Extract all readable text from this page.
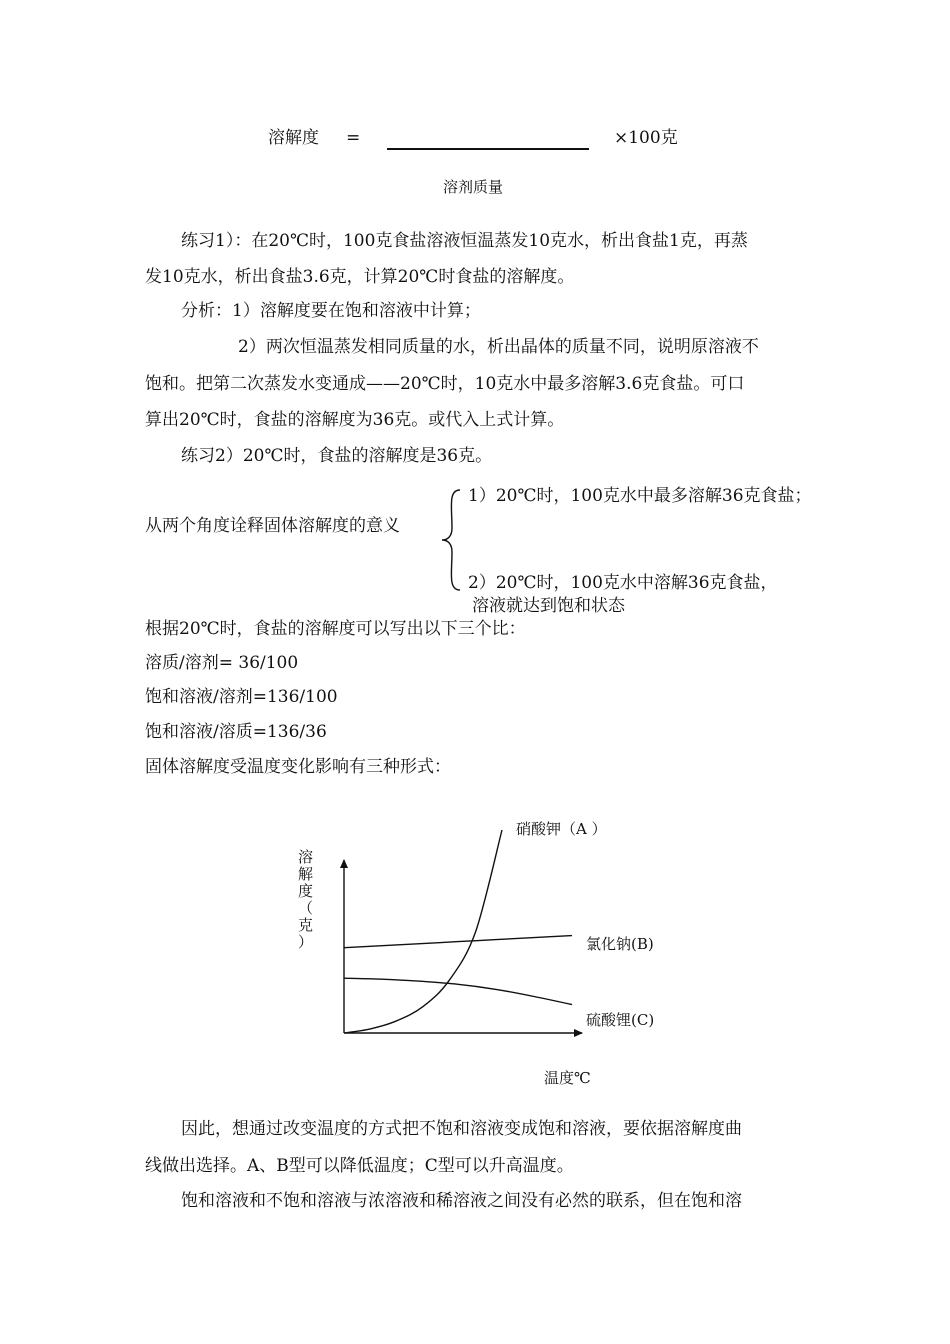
溶解度 =	×100克
溶剂质量
练习1）：在20℃时，100克食盐溶液恒温蒸发10克水，析出食盐1克，再蒸
发10克水，析出食盐3.6克，计算20℃时食盐的溶解度。
分析：1）溶解度要在饱和溶液中计算；
2）两次恒温蒸发相同质量的水，析出晶体的质量不同，说明原溶液不
饱和。把第二次蒸发水变通成——20℃时，10克水中最多溶解3.6克食盐。可口
算出20℃时，食盐的溶解度为36克。或代入上式计算。
练习2）20℃时，食盐的溶解度是36克。
从两个角度诠释固体溶解度的意义
1）20℃时，100克水中最多溶解36克食盐；
2）20℃时，100克水中溶解36克食盐，
溶液就达到饱和状态
根据20℃时，食盐的溶解度可以写出以下三个比：
溶质/溶剂= 36/100
饱和溶液/溶剂=136/100
饱和溶液/溶质=136/36
固体溶解度受温度变化影响有三种形式：
硝酸钾（A ）
氯化钠(B)
硫酸锂(C)
溶解度（克）
温度℃
因此，想通过改变温度的方式把不饱和溶液变成饱和溶液，要依据溶解度曲
线做出选择。A、B型可以降低温度；C型可以升高温度。
饱和溶液和不饱和溶液与浓溶液和稀溶液之间没有必然的联系，但在饱和溶
